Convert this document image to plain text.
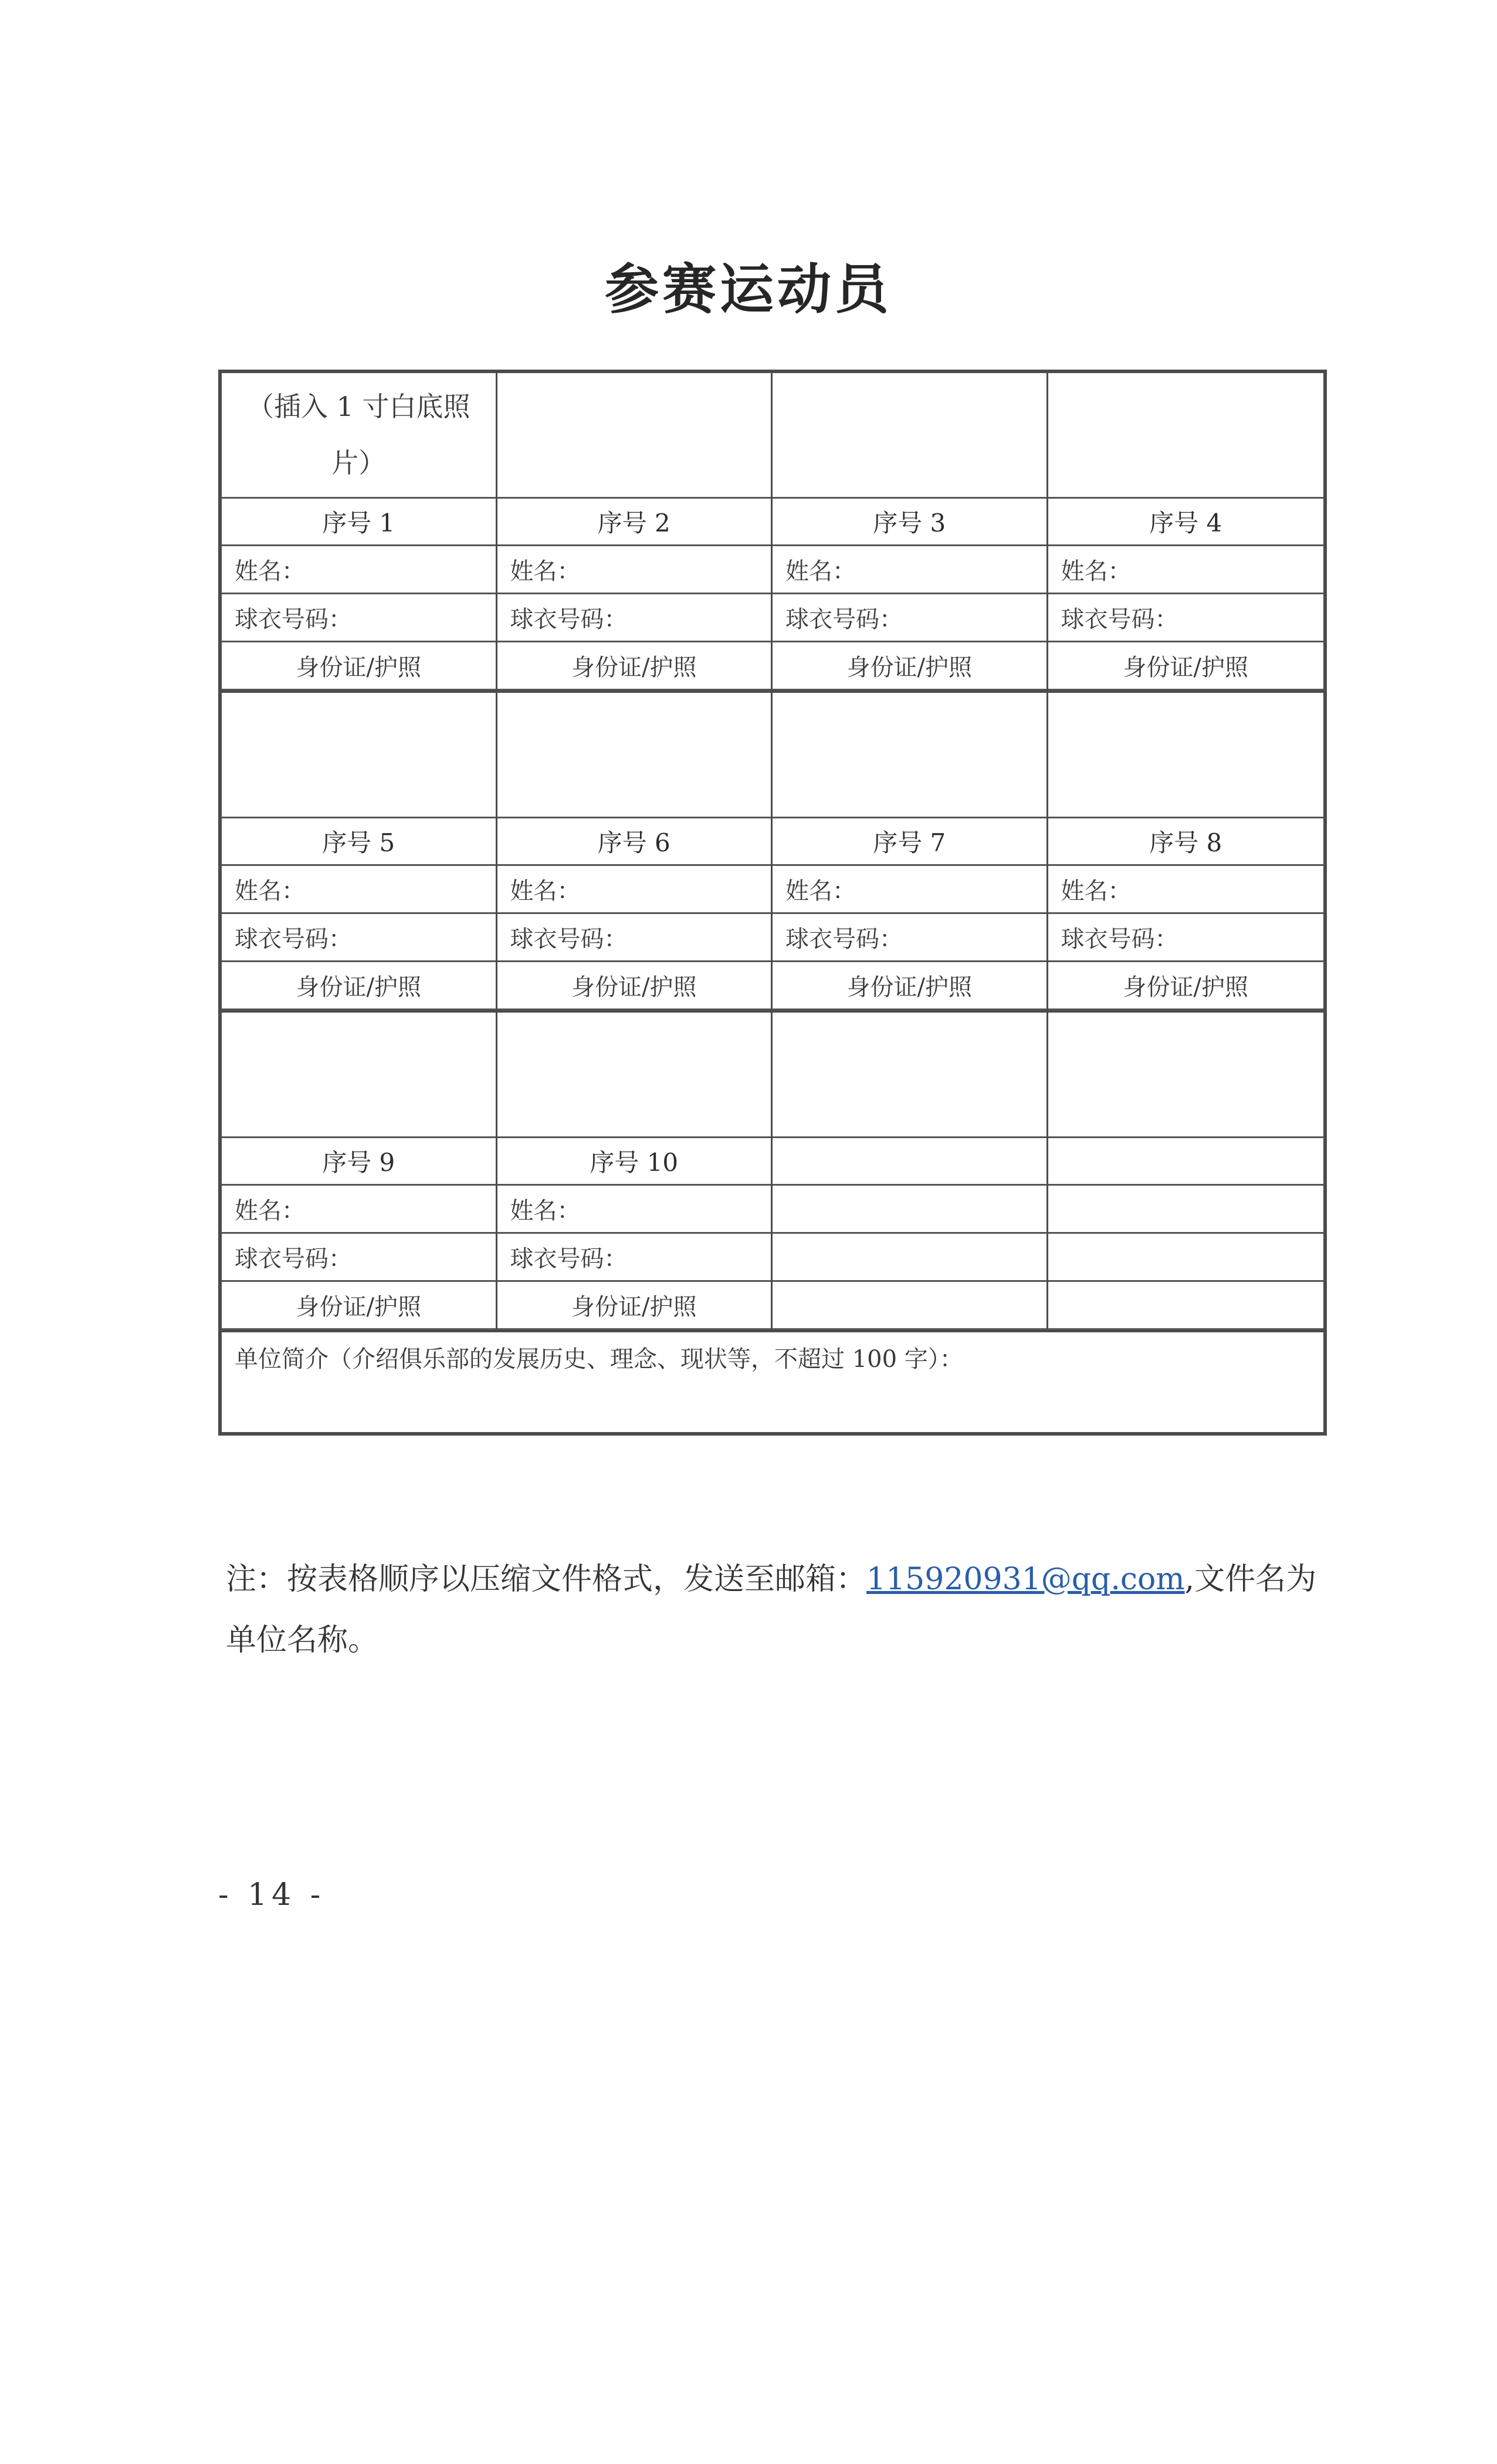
参赛运动员
（插入 1 寸白底照片）
序号 1
姓名：
球衣号码：
身份证/护照
序号 2
姓名：
球衣号码：
身份证/护照
序号 3
姓名：
球衣号码：
身份证/护照
序号 4
姓名：
球衣号码：
身份证/护照
序号 5
姓名：
球衣号码：
身份证/护照
序号 6
姓名：
球衣号码：
身份证/护照
序号 7
姓名：
球衣号码：
身份证/护照
序号 8
姓名：
球衣号码：
身份证/护照
序号 9
姓名：
球衣号码：
身份证/护照
序号 10
姓名：
球衣号码：
身份证/护照
单位简介（介绍俱乐部的发展历史、理念、现状等，不超过 100 字）：
注：按表格顺序以压缩文件格式，发送至邮箱：115920931@qq.com,文件名为单位名称。
- 14 -
